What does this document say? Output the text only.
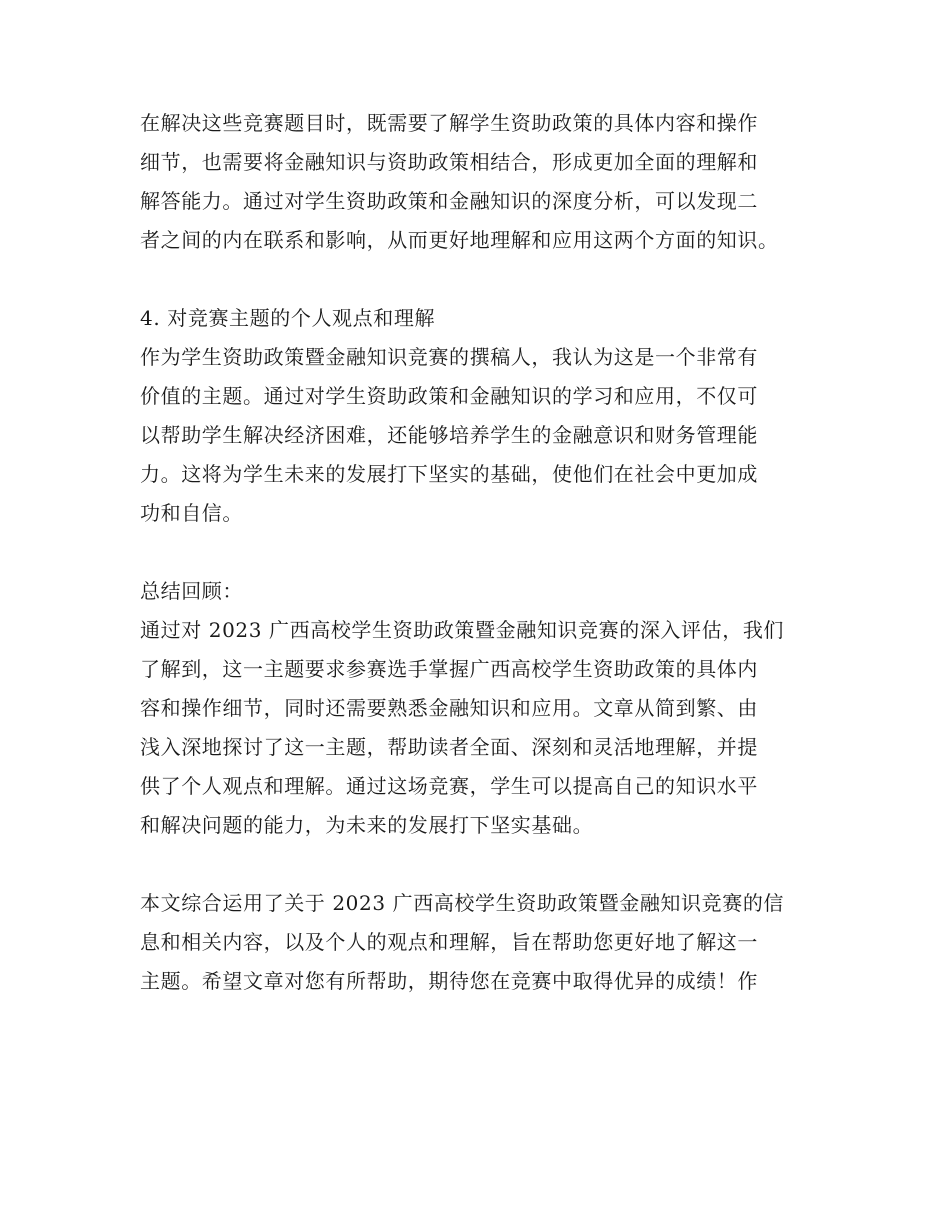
在解决这些竞赛题目时，既需要了解学生资助政策的具体内容和操作
细节，也需要将金融知识与资助政策相结合，形成更加全面的理解和
解答能力。通过对学生资助政策和金融知识的深度分析，可以发现二
者之间的内在联系和影响，从而更好地理解和应用这两个方面的知识。
4. 对竞赛主题的个人观点和理解
作为学生资助政策暨金融知识竞赛的撰稿人，我认为这是一个非常有
价值的主题。通过对学生资助政策和金融知识的学习和应用，不仅可
以帮助学生解决经济困难，还能够培养学生的金融意识和财务管理能
力。这将为学生未来的发展打下坚实的基础，使他们在社会中更加成
功和自信。
总结回顾：
通过对 2023 广西高校学生资助政策暨金融知识竞赛的深入评估，我们
了解到，这一主题要求参赛选手掌握广西高校学生资助政策的具体内
容和操作细节，同时还需要熟悉金融知识和应用。文章从简到繁、由
浅入深地探讨了这一主题，帮助读者全面、深刻和灵活地理解，并提
供了个人观点和理解。通过这场竞赛，学生可以提高自己的知识水平
和解决问题的能力，为未来的发展打下坚实基础。
本文综合运用了关于 2023 广西高校学生资助政策暨金融知识竞赛的信
息和相关内容，以及个人的观点和理解，旨在帮助您更好地了解这一
主题。希望文章对您有所帮助，期待您在竞赛中取得优异的成绩！作
